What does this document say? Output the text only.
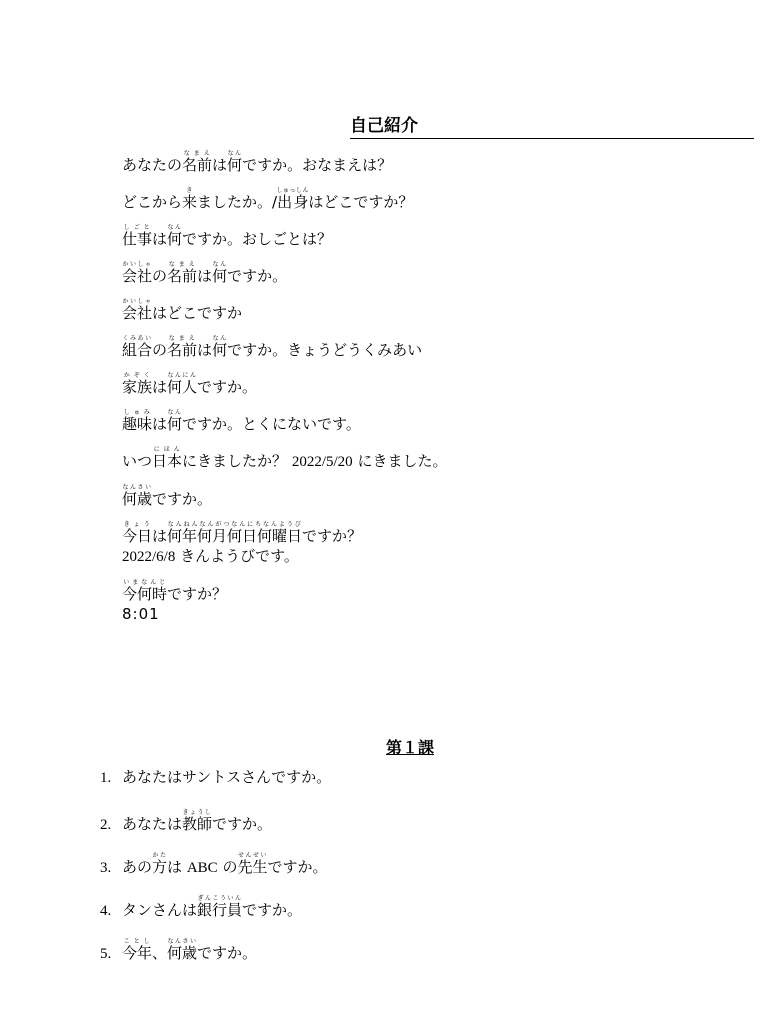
自己紹介
あなたの名前なまえは何なんですか。おなまえは？
どこから来きましたか。/出身しゅっしんはどこですか？
仕事しごとは何なんですか。おしごとは？
会社かいしゃの名前なまえは何なんですか。
会社かいしゃはどこですか
組合くみあいの名前なまえは何なんですか。きょうどうくみあい
家族かぞくは何人なんにんですか。
趣味しゅみは何なんですか。とくにないです。
いつ日本にほんにきましたか？ 2022/5/20 にきました。
何歳なんさいですか。
今日きょうは何年何月何日何曜日なんねんなんがつなんにちなんようびですか？
2022/6/8 きんようびです。
今何時いまなんじですか？
8:01
第１課
1. あなたはサントスさんですか。
2. あなたは教師きょうしですか。
3. あの方かたは ABC の先生せんせいですか。
4. タンさんは銀行員ぎんこういんですか。
5. 今年ことし、何歳なんさいですか。
